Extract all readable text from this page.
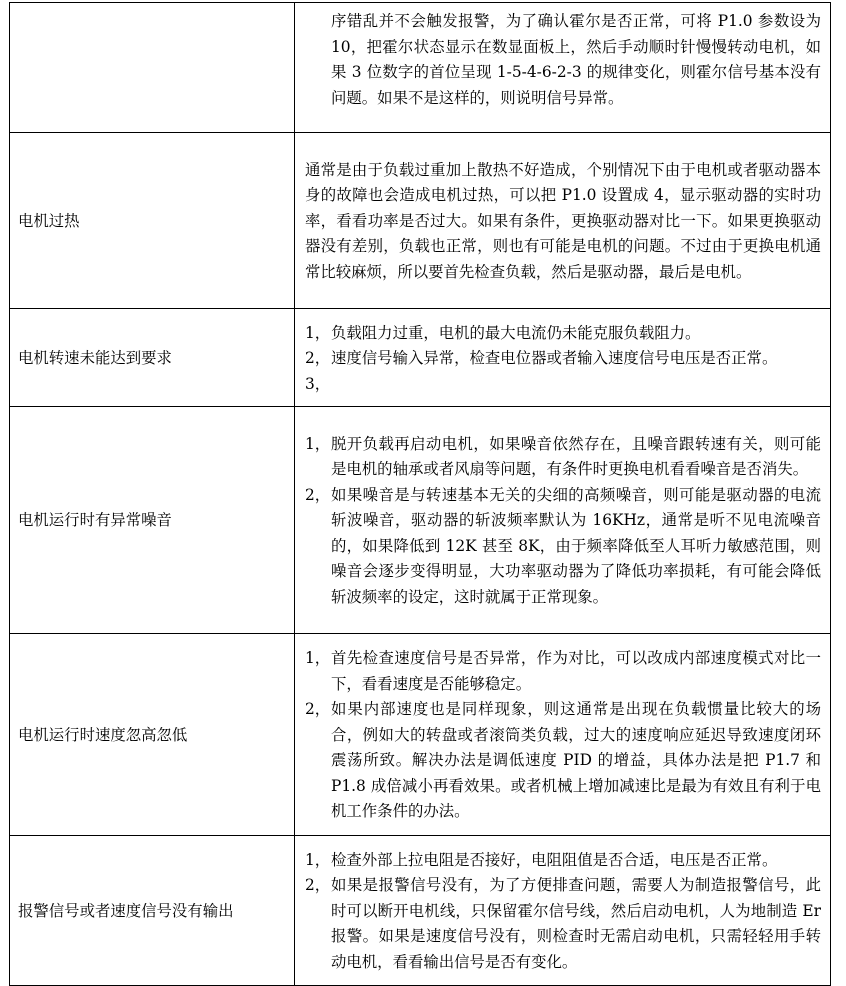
	序错乱并不会触发报警，为了确认霍尔是否正常，可将 P1.0 参数设为 10，把霍尔状态显示在数显面板上，然后手动顺时针慢慢转动电机，如果 3 位数字的首位呈现 1-5-4-6-2-3 的规律变化，则霍尔信号基本没有问题。如果不是这样的，则说明信号异常。

电机过热	通常是由于负载过重加上散热不好造成，个别情况下由于电机或者驱动器本身的故障也会造成电机过热，可以把 P1.0 设置成 4，显示驱动器的实时功率，看看功率是否过大。如果有条件，更换驱动器对比一下。如果更换驱动器没有差别，负载也正常，则也有可能是电机的问题。不过由于更换电机通常比较麻烦，所以要首先检查负载，然后是驱动器，最后是电机。

电机转速未能达到要求	1， 负载阻力过重，电机的最大电流仍未能克服负载阻力。
2， 速度信号输入异常，检查电位器或者输入速度信号电压是否正常。
3，

电机运行时有异常噪音	1， 脱开负载再启动电机，如果噪音依然存在，且噪音跟转速有关，则可能是电机的轴承或者风扇等问题，有条件时更换电机看看噪音是否消失。
2， 如果噪音是与转速基本无关的尖细的高频噪音，则可能是驱动器的电流斩波噪音，驱动器的斩波频率默认为 16KHz，通常是听不见电流噪音的，如果降低到 12K 甚至 8K，由于频率降低至人耳听力敏感范围，则噪音会逐步变得明显，大功率驱动器为了降低功率损耗，有可能会降低斩波频率的设定，这时就属于正常现象。

电机运行时速度忽高忽低	1， 首先检查速度信号是否异常，作为对比，可以改成内部速度模式对比一下，看看速度是否能够稳定。
2， 如果内部速度也是同样现象，则这通常是出现在负载惯量比较大的场合，例如大的转盘或者滚筒类负载，过大的速度响应延迟导致速度闭环震荡所致。解决办法是调低速度 PID 的增益，具体办法是把 P1.7 和 P1.8 成倍减小再看效果。或者机械上增加减速比是最为有效且有利于电机工作条件的办法。

报警信号或者速度信号没有输出	1， 检查外部上拉电阻是否接好，电阻阻值是否合适，电压是否正常。
2， 如果是报警信号没有，为了方便排查问题，需要人为制造报警信号，此时可以断开电机线，只保留霍尔信号线，然后启动电机，人为地制造 Er 报警。如果是速度信号没有，则检查时无需启动电机，只需轻轻用手转动电机，看看输出信号是否有变化。
